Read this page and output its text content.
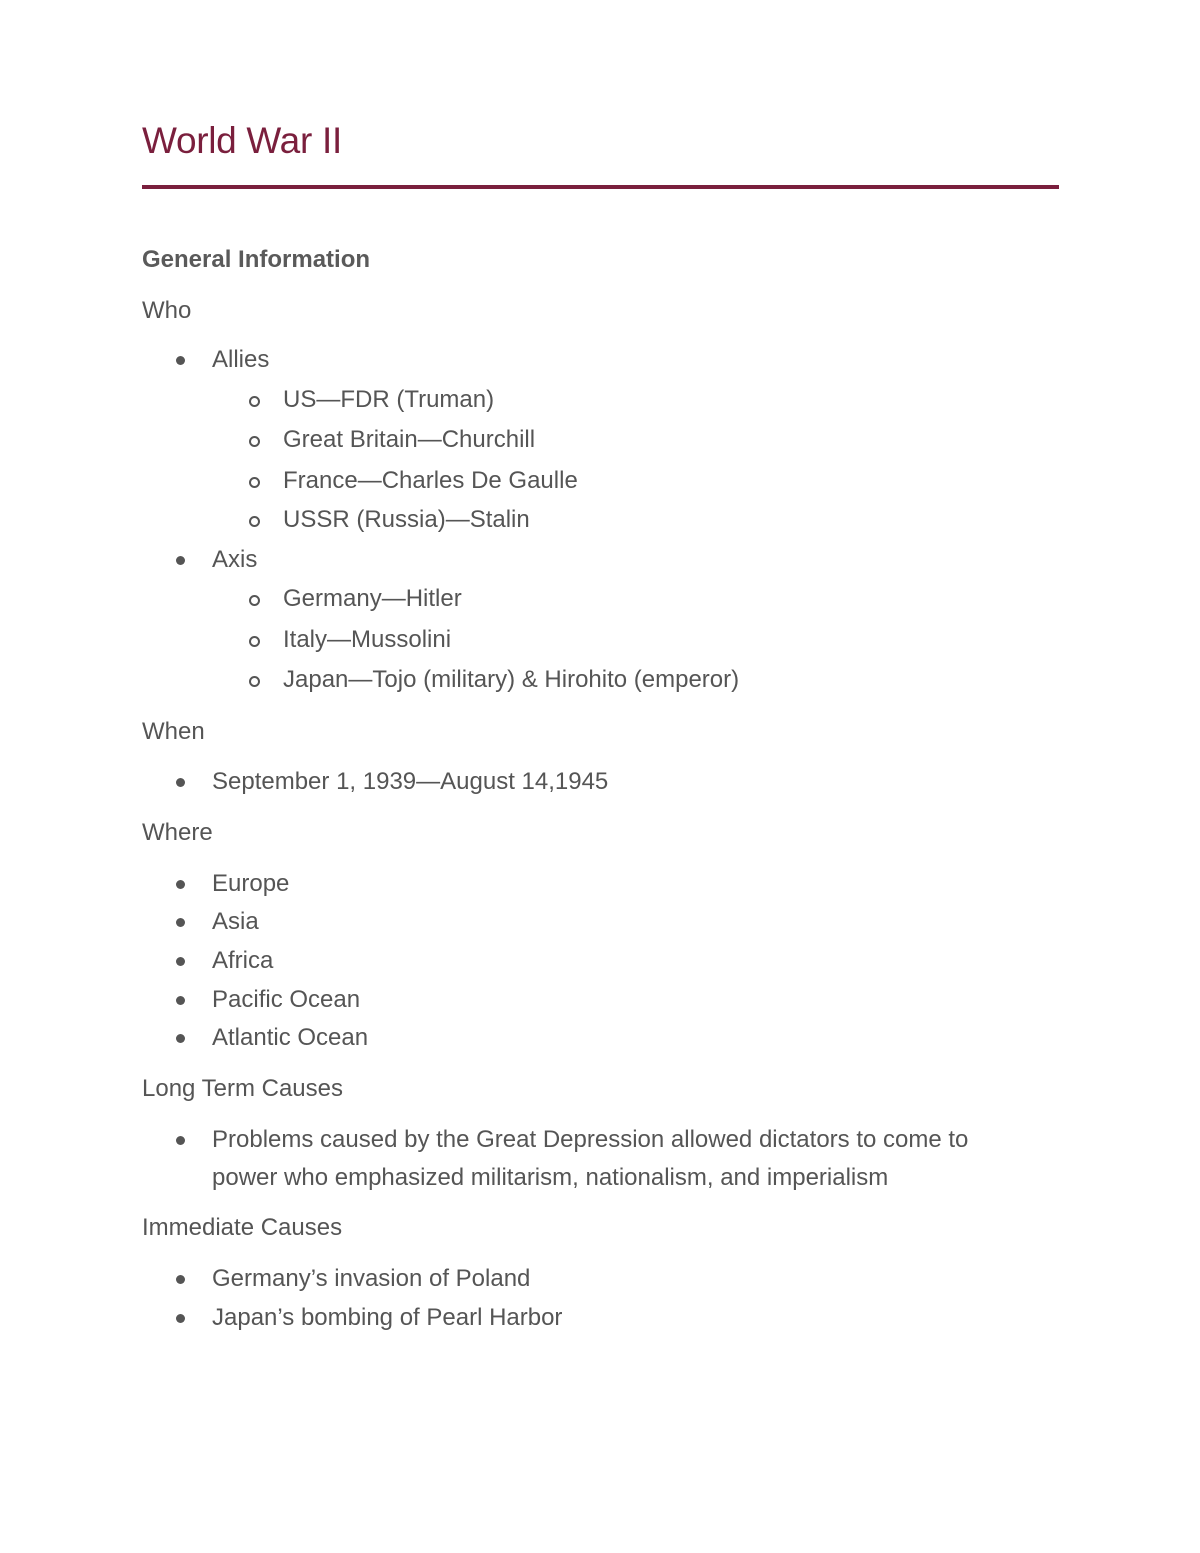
World War II
General Information
Who
Allies
US—FDR (Truman)
Great Britain—Churchill
France—Charles De Gaulle
USSR (Russia)—Stalin
Axis
Germany—Hitler
Italy—Mussolini
Japan—Tojo (military) & Hirohito (emperor)
When
September 1, 1939—August 14,1945
Where
Europe
Asia
Africa
Pacific Ocean
Atlantic Ocean
Long Term Causes
Problems caused by the Great Depression allowed dictators to come to
power who emphasized militarism, nationalism, and imperialism
Immediate Causes
Germany’s invasion of Poland
Japan’s bombing of Pearl Harbor
